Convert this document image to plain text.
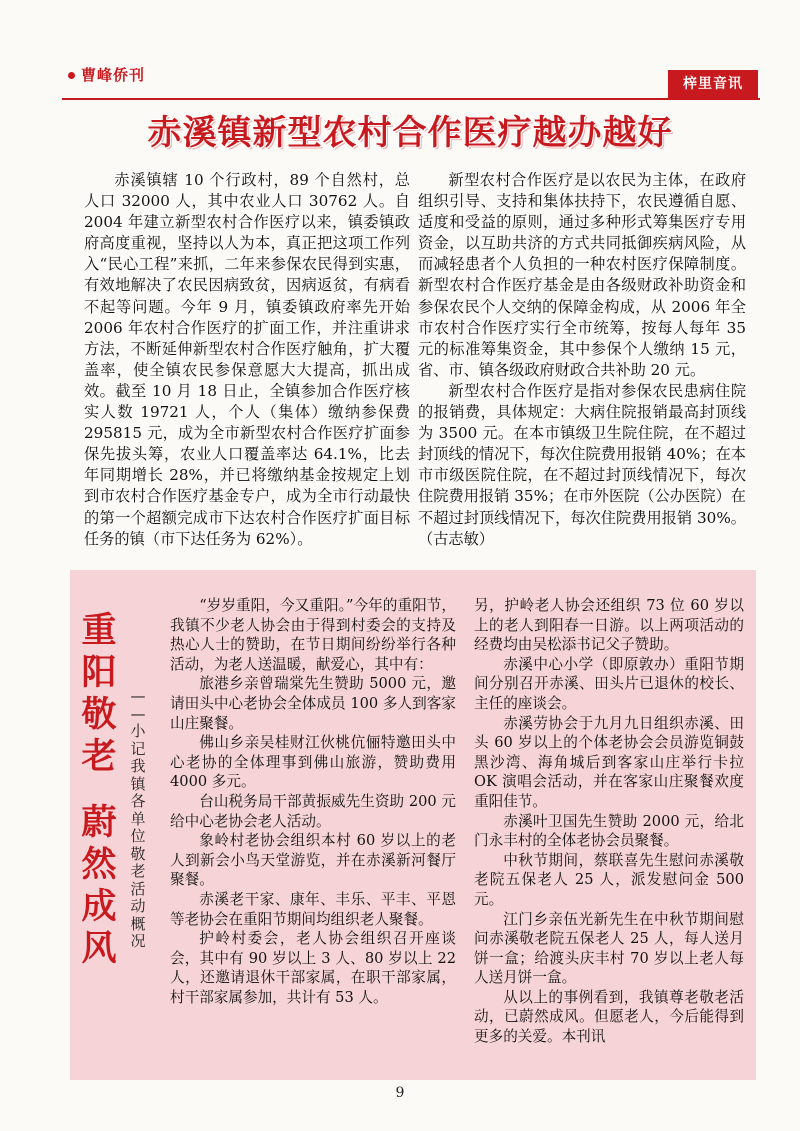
曹峰侨刊	梓里音讯
赤溪镇新型农村合作医疗越办越好

赤溪镇辖 10 个行政村，89 个自然村，总人口 32000 人，其中农业人口 30762 人。自 2004 年建立新型农村合作医疗以来，镇委镇政府高度重视，坚持以人为本，真正把这项工作列入“民心工程”来抓，二年来参保农民得到实惠，有效地解决了农民因病致贫，因病返贫，有病看不起等问题。今年 9 月，镇委镇政府率先开始 2006 年农村合作医疗的扩面工作，并注重讲求方法，不断延伸新型农村合作医疗触角，扩大覆盖率，使全镇农民参保意愿大大提高，抓出成效。截至 10 月 18 日止，全镇参加合作医疗核实人数 19721 人，个人（集体）缴纳参保费 295815 元，成为全市新型农村合作医疗扩面参保先拔头筹，农业人口覆盖率达 64.1%，比去年同期增长 28%，并已将缴纳基金按规定上划到市农村合作医疗基金专户，成为全市行动最快的第一个超额完成市下达农村合作医疗扩面目标任务的镇（市下达任务为 62%）。

新型农村合作医疗是以农民为主体，在政府组织引导、支持和集体扶持下，农民遵循自愿、适度和受益的原则，通过多种形式筹集医疗专用资金，以互助共济的方式共同抵御疾病风险，从而减轻患者个人负担的一种农村医疗保障制度。新型农村合作医疗基金是由各级财政补助资金和参保农民个人交纳的保障金构成，从 2006 年全市农村合作医疗实行全市统筹，按每人每年 35 元的标准筹集资金，其中参保个人缴纳 15 元，省、市、镇各级政府财政合共补助 20 元。

新型农村合作医疗是指对参保农民患病住院的报销费，具体规定：大病住院报销最高封顶线为 3500 元。在本市镇级卫生院住院，在不超过封顶线的情况下，每次住院费用报销 40%；在本市市级医院住院，在不超过封顶线情况下，每次住院费用报销 35%；在市外医院（公办医院）在不超过封顶线情况下，每次住院费用报销 30%。（古志敏）

重
阳
敬
老
蔚
然
成
风
—
—
小
记
我
镇
各
单
位
敬
老
活
动
概
况

“岁岁重阳，今又重阳。”今年的重阳节，我镇不少老人协会由于得到村委会的支持及热心人士的赞助，在节日期间纷纷举行各种活动，为老人送温暖，献爱心，其中有：

旅港乡亲曾瑞棠先生赞助 5000 元，邀请田头中心老协会全体成员 100 多人到客家山庄聚餐。

佛山乡亲吴桂财江伙桃伉俪特邀田头中心老协的全体理事到佛山旅游，赞助费用 4000 多元。

台山税务局干部黄振威先生资助 200 元给中心老协会老人活动。

象岭村老协会组织本村 60 岁以上的老人到新会小鸟天堂游览，并在赤溪新河餐厅聚餐。

赤溪老干家、康年、丰乐、平丰、平恩等老协会在重阳节期间均组织老人聚餐。

护岭村委会，老人协会组织召开座谈会，其中有 90 岁以上 3 人、80 岁以上 22 人，还邀请退休干部家属，在职干部家属，村干部家属参加，共计有 53 人。

另，护岭老人协会还组织 73 位 60 岁以上的老人到阳春一日游。以上两项活动的经费均由吴松添书记父子赞助。

赤溪中心小学（即原敦办）重阳节期间分别召开赤溪、田头片已退休的校长、主任的座谈会。

赤溪劳协会于九月九日组织赤溪、田头 60 岁以上的个体老协会会员游览铜鼓黑沙湾、海角城后到客家山庄举行卡拉 OK 演唱会活动，并在客家山庄聚餐欢度重阳佳节。

赤溪叶卫国先生赞助 2000 元，给北门永丰村的全体老协会员聚餐。

中秋节期间，蔡联喜先生慰问赤溪敬老院五保老人 25 人，派发慰问金 500 元。

江门乡亲伍光新先生在中秋节期间慰问赤溪敬老院五保老人 25 人，每人送月饼一盒；给渡头庆丰村 70 岁以上老人每人送月饼一盒。

从以上的事例看到，我镇尊老敬老活动，已蔚然成风。但愿老人，今后能得到更多的关爱。本刊讯

9
